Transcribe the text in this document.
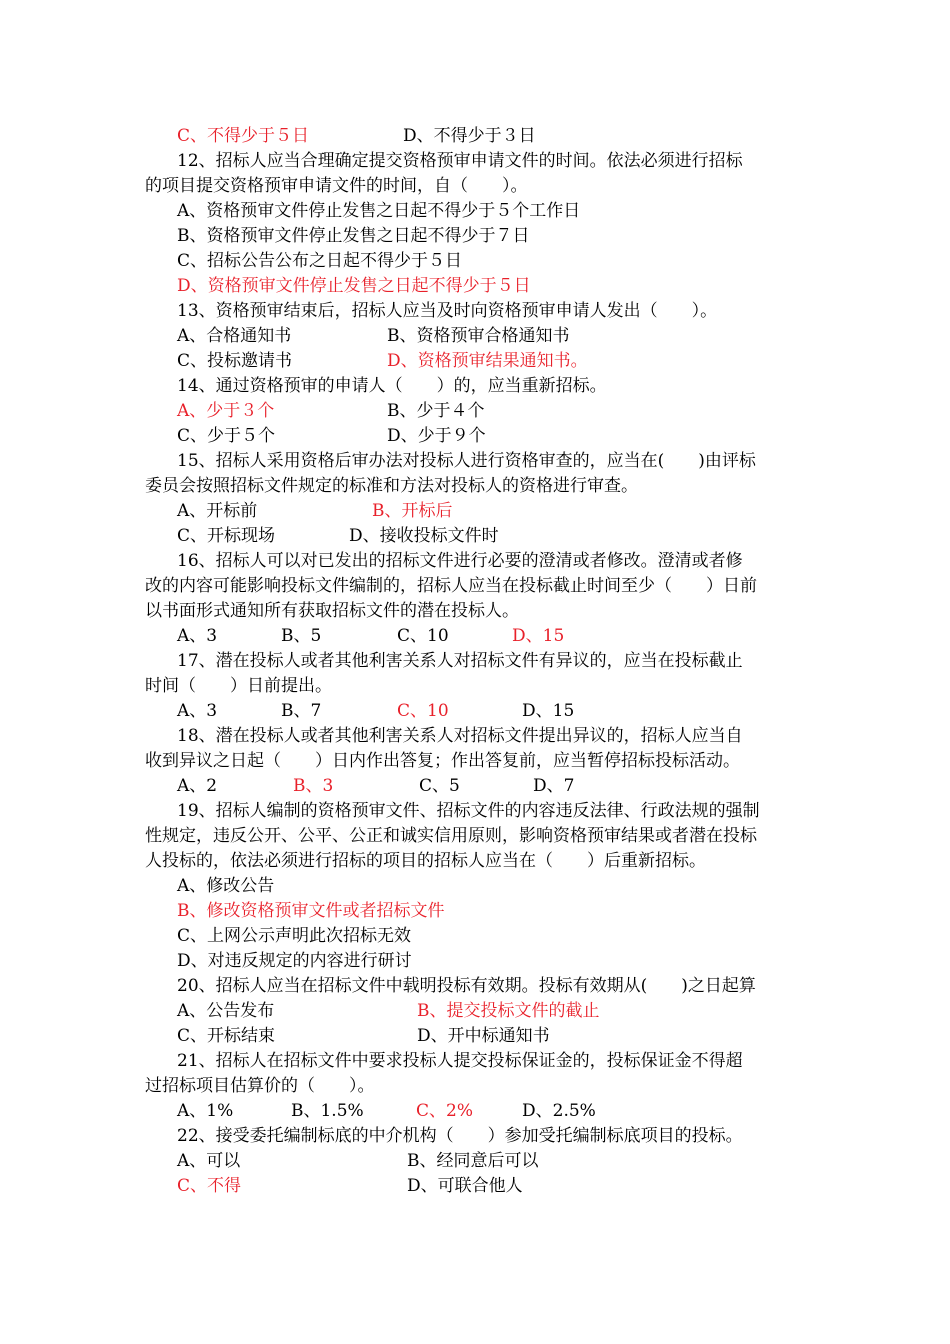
C、不得少于５日	D、不得少于３日
12、招标人应当合理确定提交资格预审申请文件的时间。依法必须进行招标
的项目提交资格预审申请文件的时间，自（　　）。
A、资格预审文件停止发售之日起不得少于５个工作日
B、资格预审文件停止发售之日起不得少于７日
C、招标公告公布之日起不得少于５日
D、资格预审文件停止发售之日起不得少于５日
13、资格预审结束后，招标人应当及时向资格预审申请人发出（　　）。
A、合格通知书	B、资格预审合格通知书
C、投标邀请书	D、资格预审结果通知书。
14、通过资格预审的申请人（　　）的，应当重新招标。
A、少于３个	B、少于４个
C、少于５个	D、少于９个
15、招标人采用资格后审办法对投标人进行资格审查的，应当在(　　)由评标
委员会按照招标文件规定的标准和方法对投标人的资格进行审查。
A、开标前	B、开标后
C、开标现场	D、接收投标文件时
16、招标人可以对已发出的招标文件进行必要的澄清或者修改。澄清或者修
改的内容可能影响投标文件编制的，招标人应当在投标截止时间至少（　　）日前
以书面形式通知所有获取招标文件的潜在投标人。
A、3	B、5	C、10	D、15
17、潜在投标人或者其他利害关系人对招标文件有异议的，应当在投标截止
时间（　　）日前提出。
A、3	B、7	C、10	D、15
18、潜在投标人或者其他利害关系人对招标文件提出异议的，招标人应当自
收到异议之日起（　　）日内作出答复；作出答复前，应当暂停招标投标活动。
A、2	B、3	C、5	D、7
19、招标人编制的资格预审文件、招标文件的内容违反法律、行政法规的强制
性规定，违反公开、公平、公正和诚实信用原则，影响资格预审结果或者潜在投标
人投标的，依法必须进行招标的项目的招标人应当在（　　）后重新招标。
A、修改公告
B、修改资格预审文件或者招标文件
C、上网公示声明此次招标无效
D、对违反规定的内容进行研讨
20、招标人应当在招标文件中载明投标有效期。投标有效期从(　　)之日起算
A、公告发布	B、提交投标文件的截止
C、开标结束	D、开中标通知书
21、招标人在招标文件中要求投标人提交投标保证金的，投标保证金不得超
过招标项目估算价的（　　）。
A、1%	B、1.5%	C、2%	D、2.5%
22、接受委托编制标底的中介机构（　　）参加受托编制标底项目的投标。
A、可以	B、经同意后可以
C、不得	D、可联合他人
